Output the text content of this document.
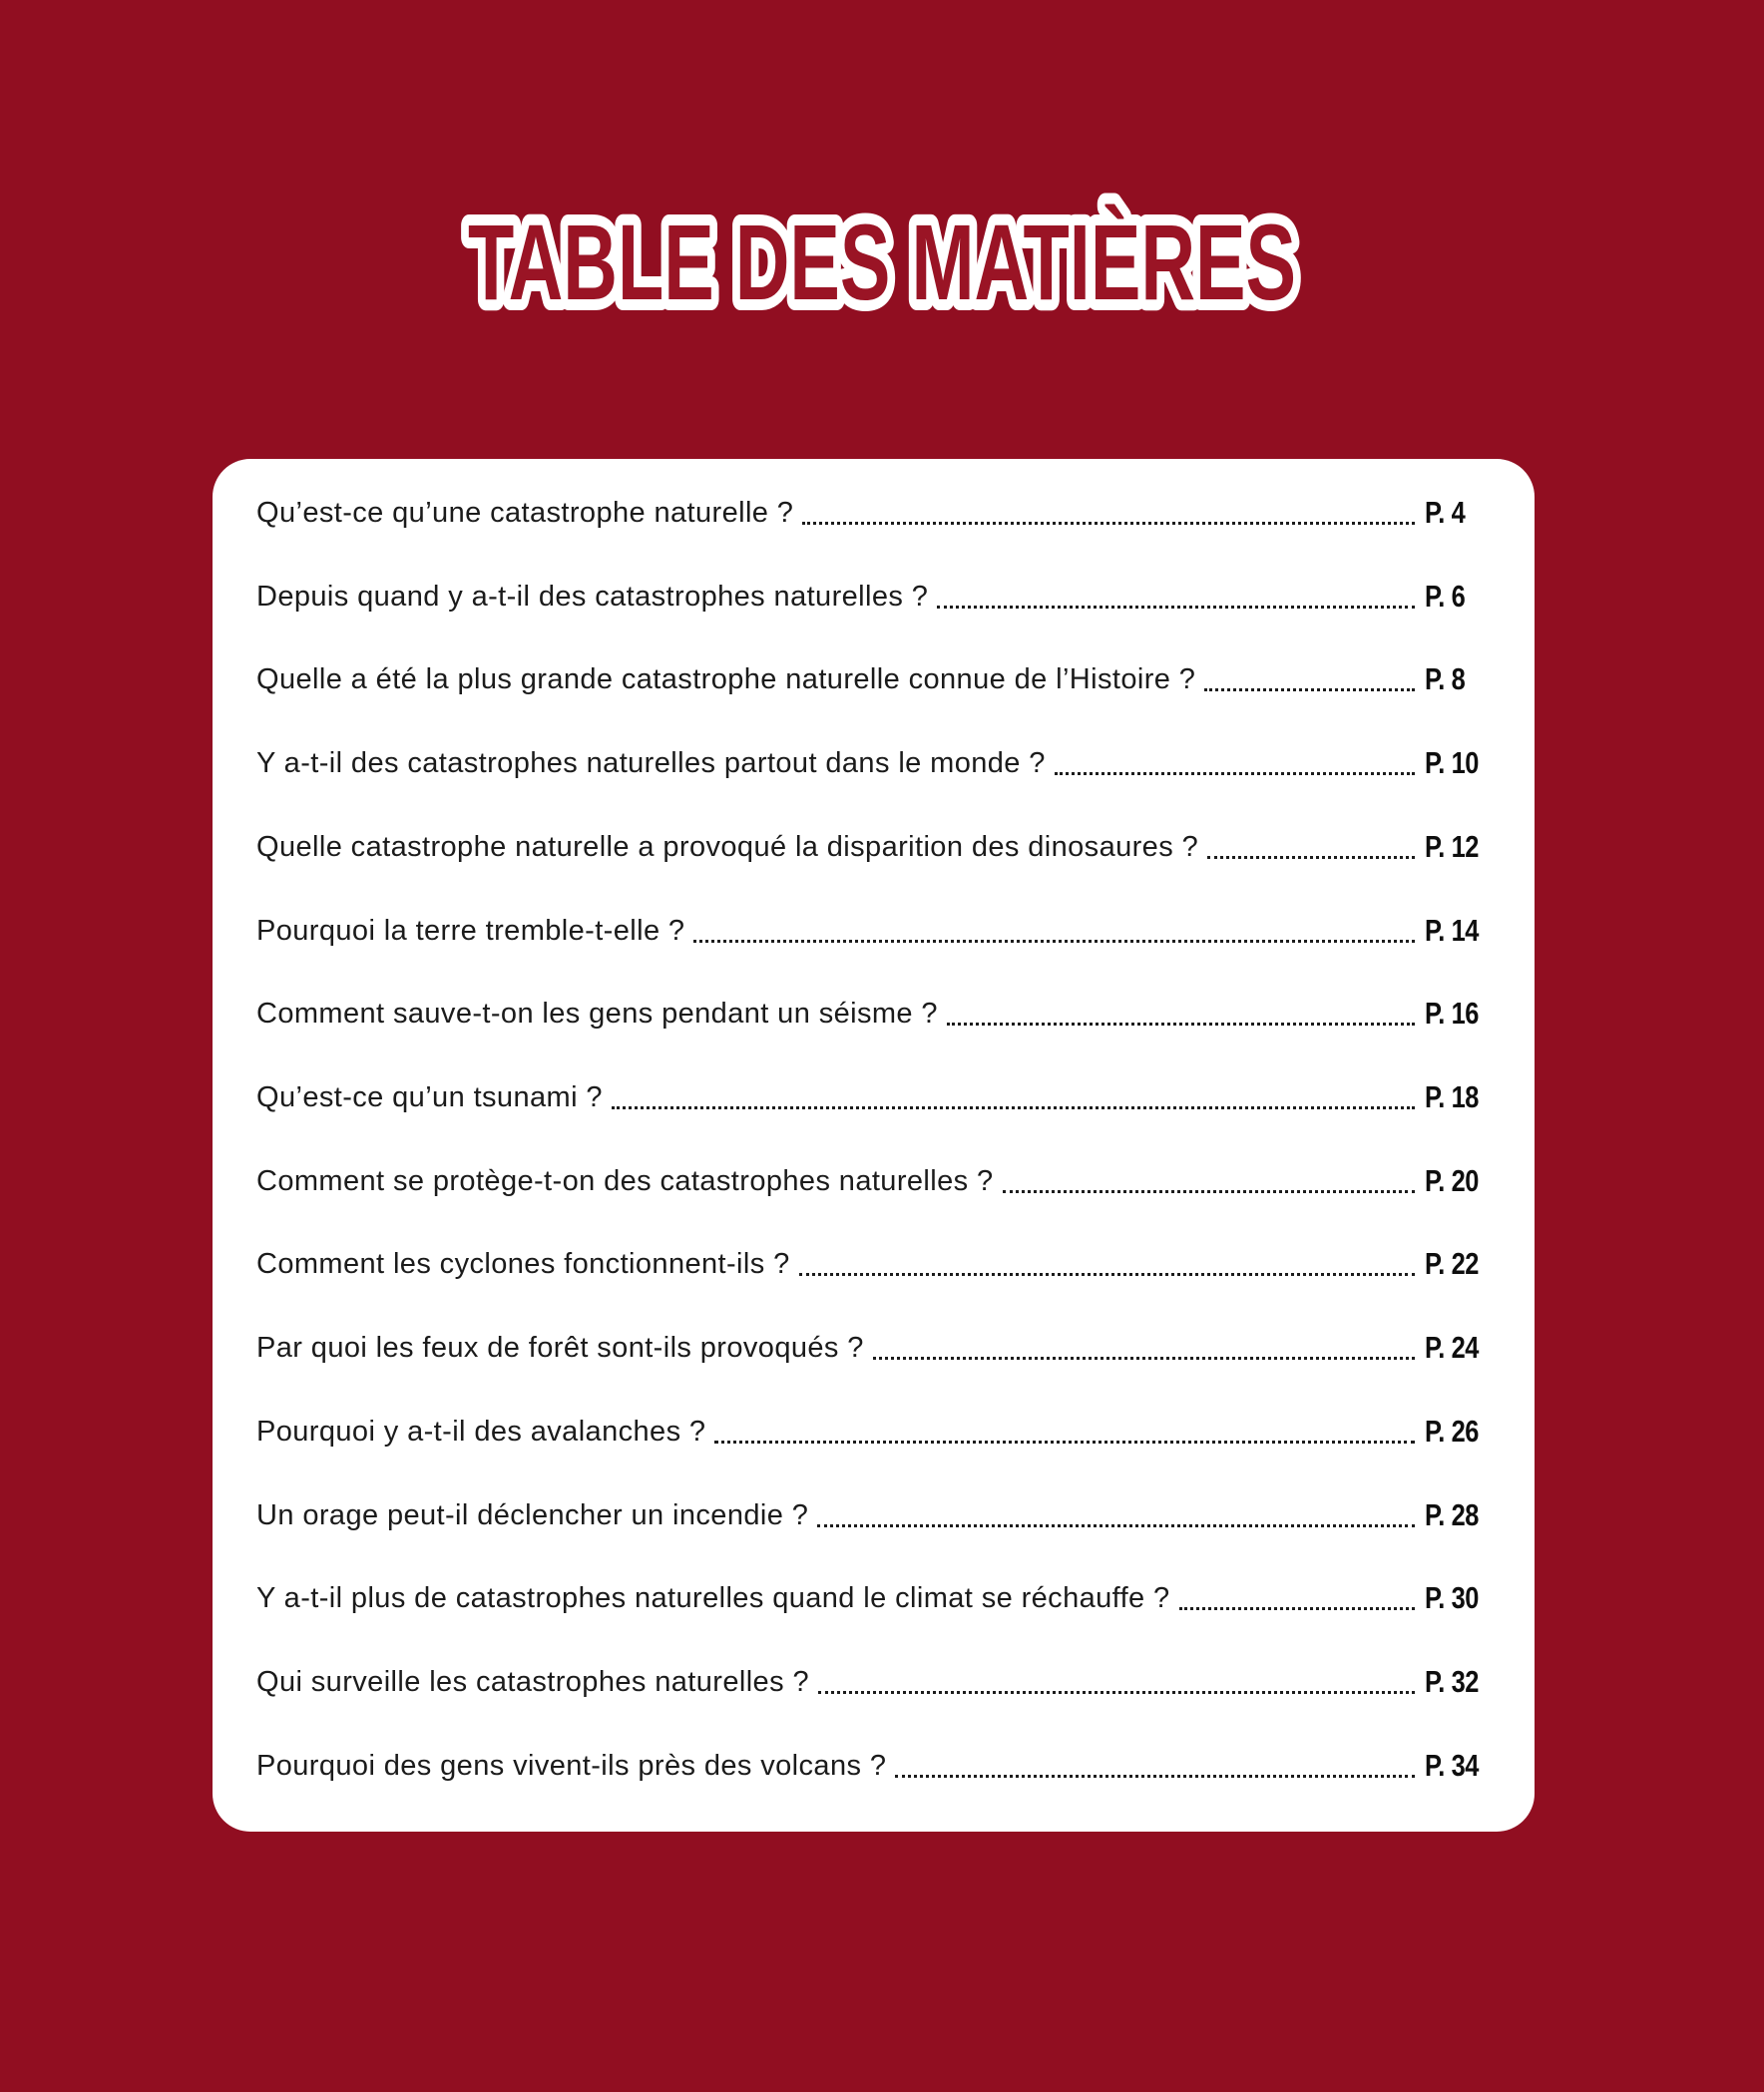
TABLE DES MATIÈRES
Qu’est-ce qu’une catastrophe naturelle ?	P. 4
Depuis quand y a-t-il des catastrophes naturelles ?	P. 6
Quelle a été la plus grande catastrophe naturelle connue de l’Histoire ?	P. 8
Y a-t-il des catastrophes naturelles partout dans le monde ?	P. 10
Quelle catastrophe naturelle a provoqué la disparition des dinosaures ?	P. 12
Pourquoi la terre tremble-t-elle ?	P. 14
Comment sauve-t-on les gens pendant un séisme ?	P. 16
Qu’est-ce qu’un tsunami ?	P. 18
Comment se protège-t-on des catastrophes naturelles ?	P. 20
Comment les cyclones fonctionnent-ils ?	P. 22
Par quoi les feux de forêt sont-ils provoqués ?	P. 24
Pourquoi y a-t-il des avalanches ?	P. 26
Un orage peut-il déclencher un incendie ?	P. 28
Y a-t-il plus de catastrophes naturelles quand le climat se réchauffe ?	P. 30
Qui surveille les catastrophes naturelles ?	P. 32
Pourquoi des gens vivent-ils près des volcans ?	P. 34
